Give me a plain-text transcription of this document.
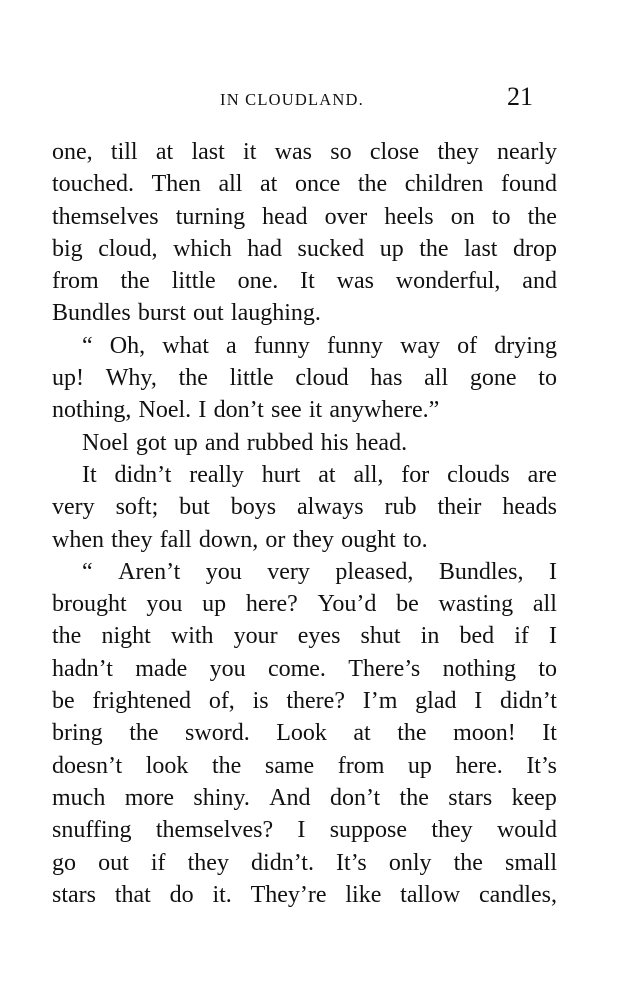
IN CLOUDLAND.	21
one, till at last it was so close they nearly
touched. Then all at once the children found
themselves turning head over heels on to the
big cloud, which had sucked up the last drop
from the little one. It was wonderful, and
Bundles burst out laughing.
“ Oh, what a funny funny way of drying
up! Why, the little cloud has all gone to
nothing, Noel. I don’t see it anywhere.”
Noel got up and rubbed his head.
It didn’t really hurt at all, for clouds are
very soft; but boys always rub their heads
when they fall down, or they ought to.
“ Aren’t you very pleased, Bundles, I
brought you up here? You’d be wasting all
the night with your eyes shut in bed if I
hadn’t made you come. There’s nothing to
be frightened of, is there? I’m glad I didn’t
bring the sword. Look at the moon! It
doesn’t look the same from up here. It’s
much more shiny. And don’t the stars keep
snuffing themselves? I suppose they would
go out if they didn’t. It’s only the small
stars that do it. They’re like tallow candles,
